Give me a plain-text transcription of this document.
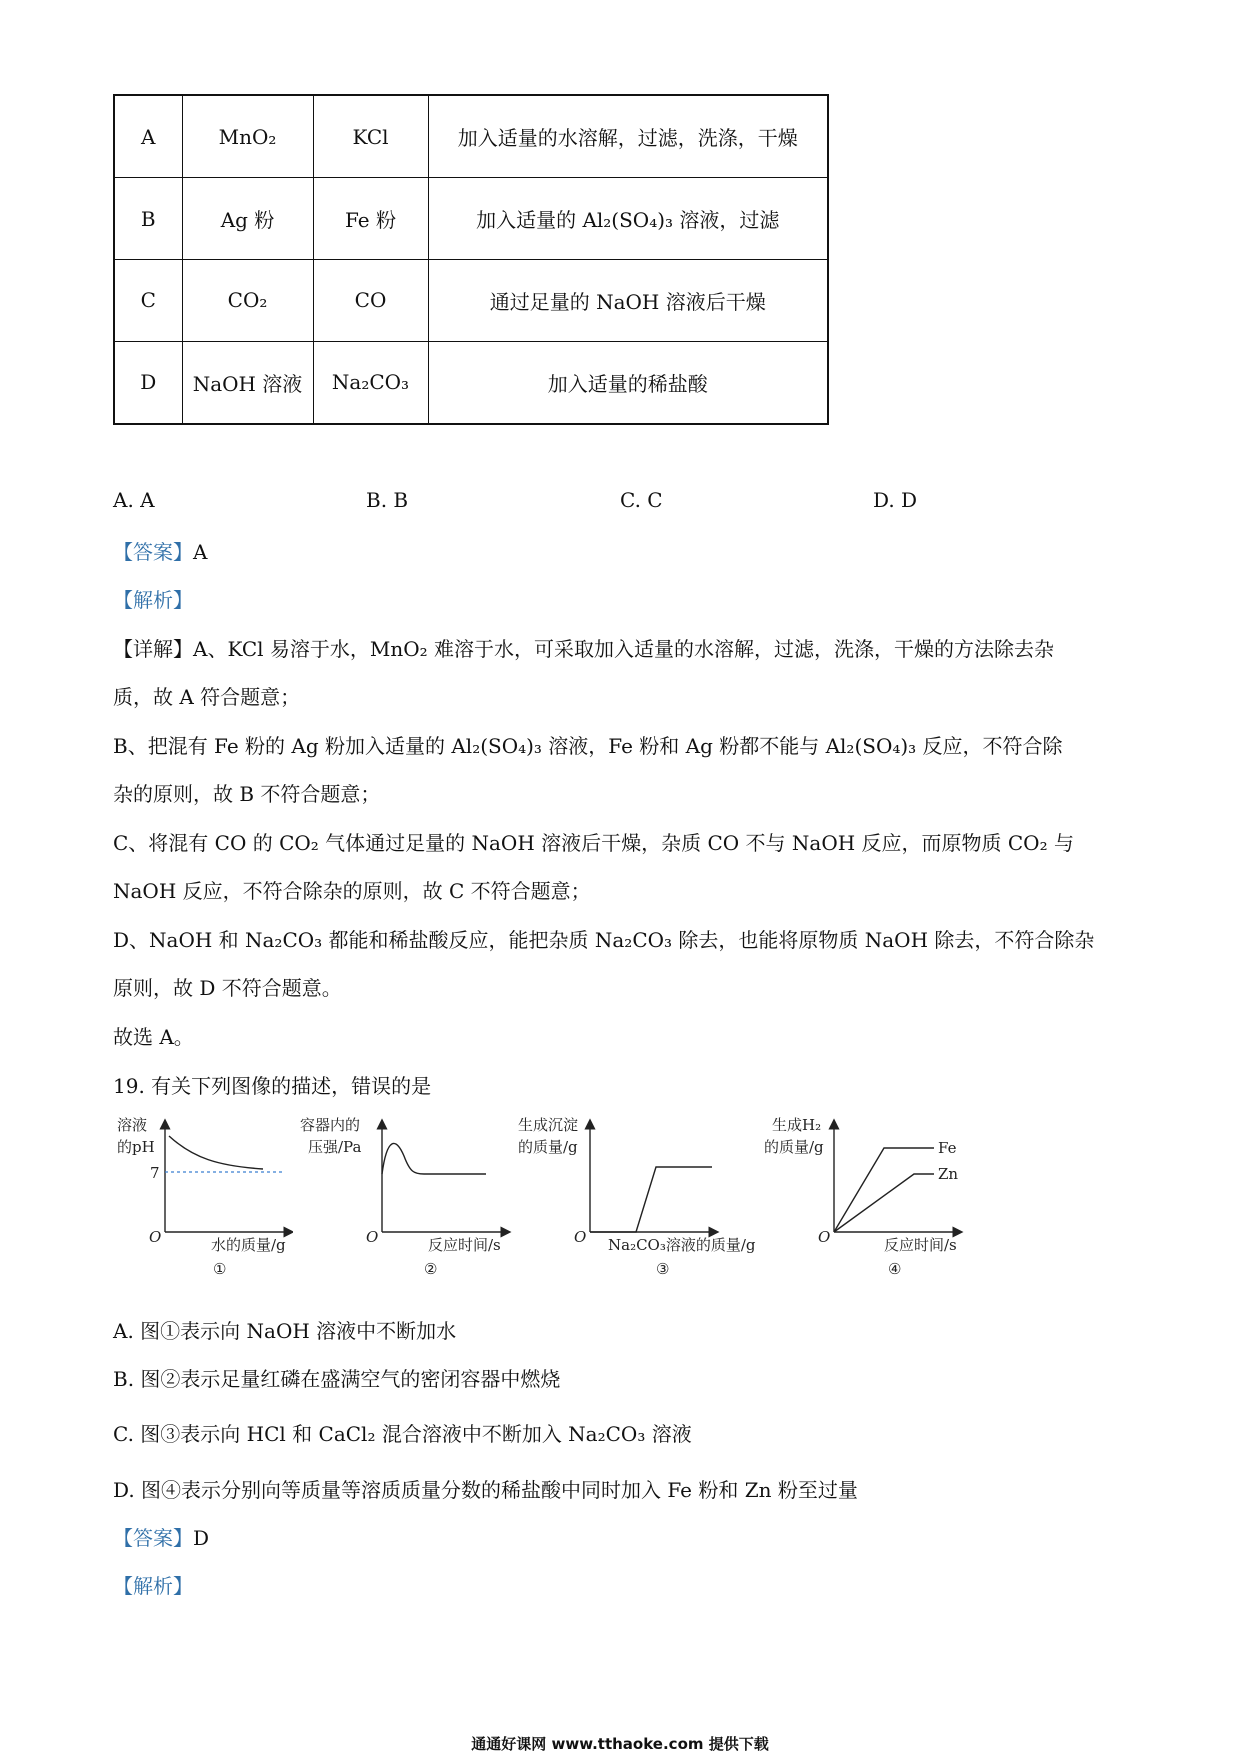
A	MnO₂	KCl	加入适量的水溶解，过滤，洗涤，干燥
B	Ag 粉	Fe 粉	加入适量的 Al₂(SO₄)₃ 溶液，过滤
C	CO₂	CO	通过足量的 NaOH 溶液后干燥
D	NaOH 溶液	Na₂CO₃	加入适量的稀盐酸
A. A	B. B	C. C	D. D
【答案】A
【解析】
【详解】A、KCl 易溶于水，MnO₂ 难溶于水，可采取加入适量的水溶解，过滤，洗涤，干燥的方法除去杂
质，故 A 符合题意；
B、把混有 Fe 粉的 Ag 粉加入适量的 Al₂(SO₄)₃ 溶液，Fe 粉和 Ag 粉都不能与 Al₂(SO₄)₃ 反应，不符合除
杂的原则，故 B 不符合题意；
C、将混有 CO 的 CO₂ 气体通过足量的 NaOH 溶液后干燥，杂质 CO 不与 NaOH 反应，而原物质 CO₂ 与
NaOH 反应，不符合除杂的原则，故 C 不符合题意；
D、NaOH 和 Na₂CO₃ 都能和稀盐酸反应，能把杂质 Na₂CO₃ 除去，也能将原物质 NaOH 除去，不符合除杂
原则，故 D 不符合题意。
故选 A。
19. 有关下列图像的描述，错误的是
溶液
的pH
7
O	水的质量/g
①
容器内的
压强/Pa
O	反应时间/s
②
生成沉淀
的质量/g
O Na₂CO₃溶液的质量/g
③
生成H₂
的质量/g	Fe
Zn
O	反应时间/s
④
A. 图①表示向 NaOH 溶液中不断加水
B. 图②表示足量红磷在盛满空气的密闭容器中燃烧
C. 图③表示向 HCl 和 CaCl₂ 混合溶液中不断加入 Na₂CO₃ 溶液
D. 图④表示分别向等质量等溶质质量分数的稀盐酸中同时加入 Fe 粉和 Zn 粉至过量
【答案】D
【解析】
通通好课网 www.tthaoke.com 提供下载
